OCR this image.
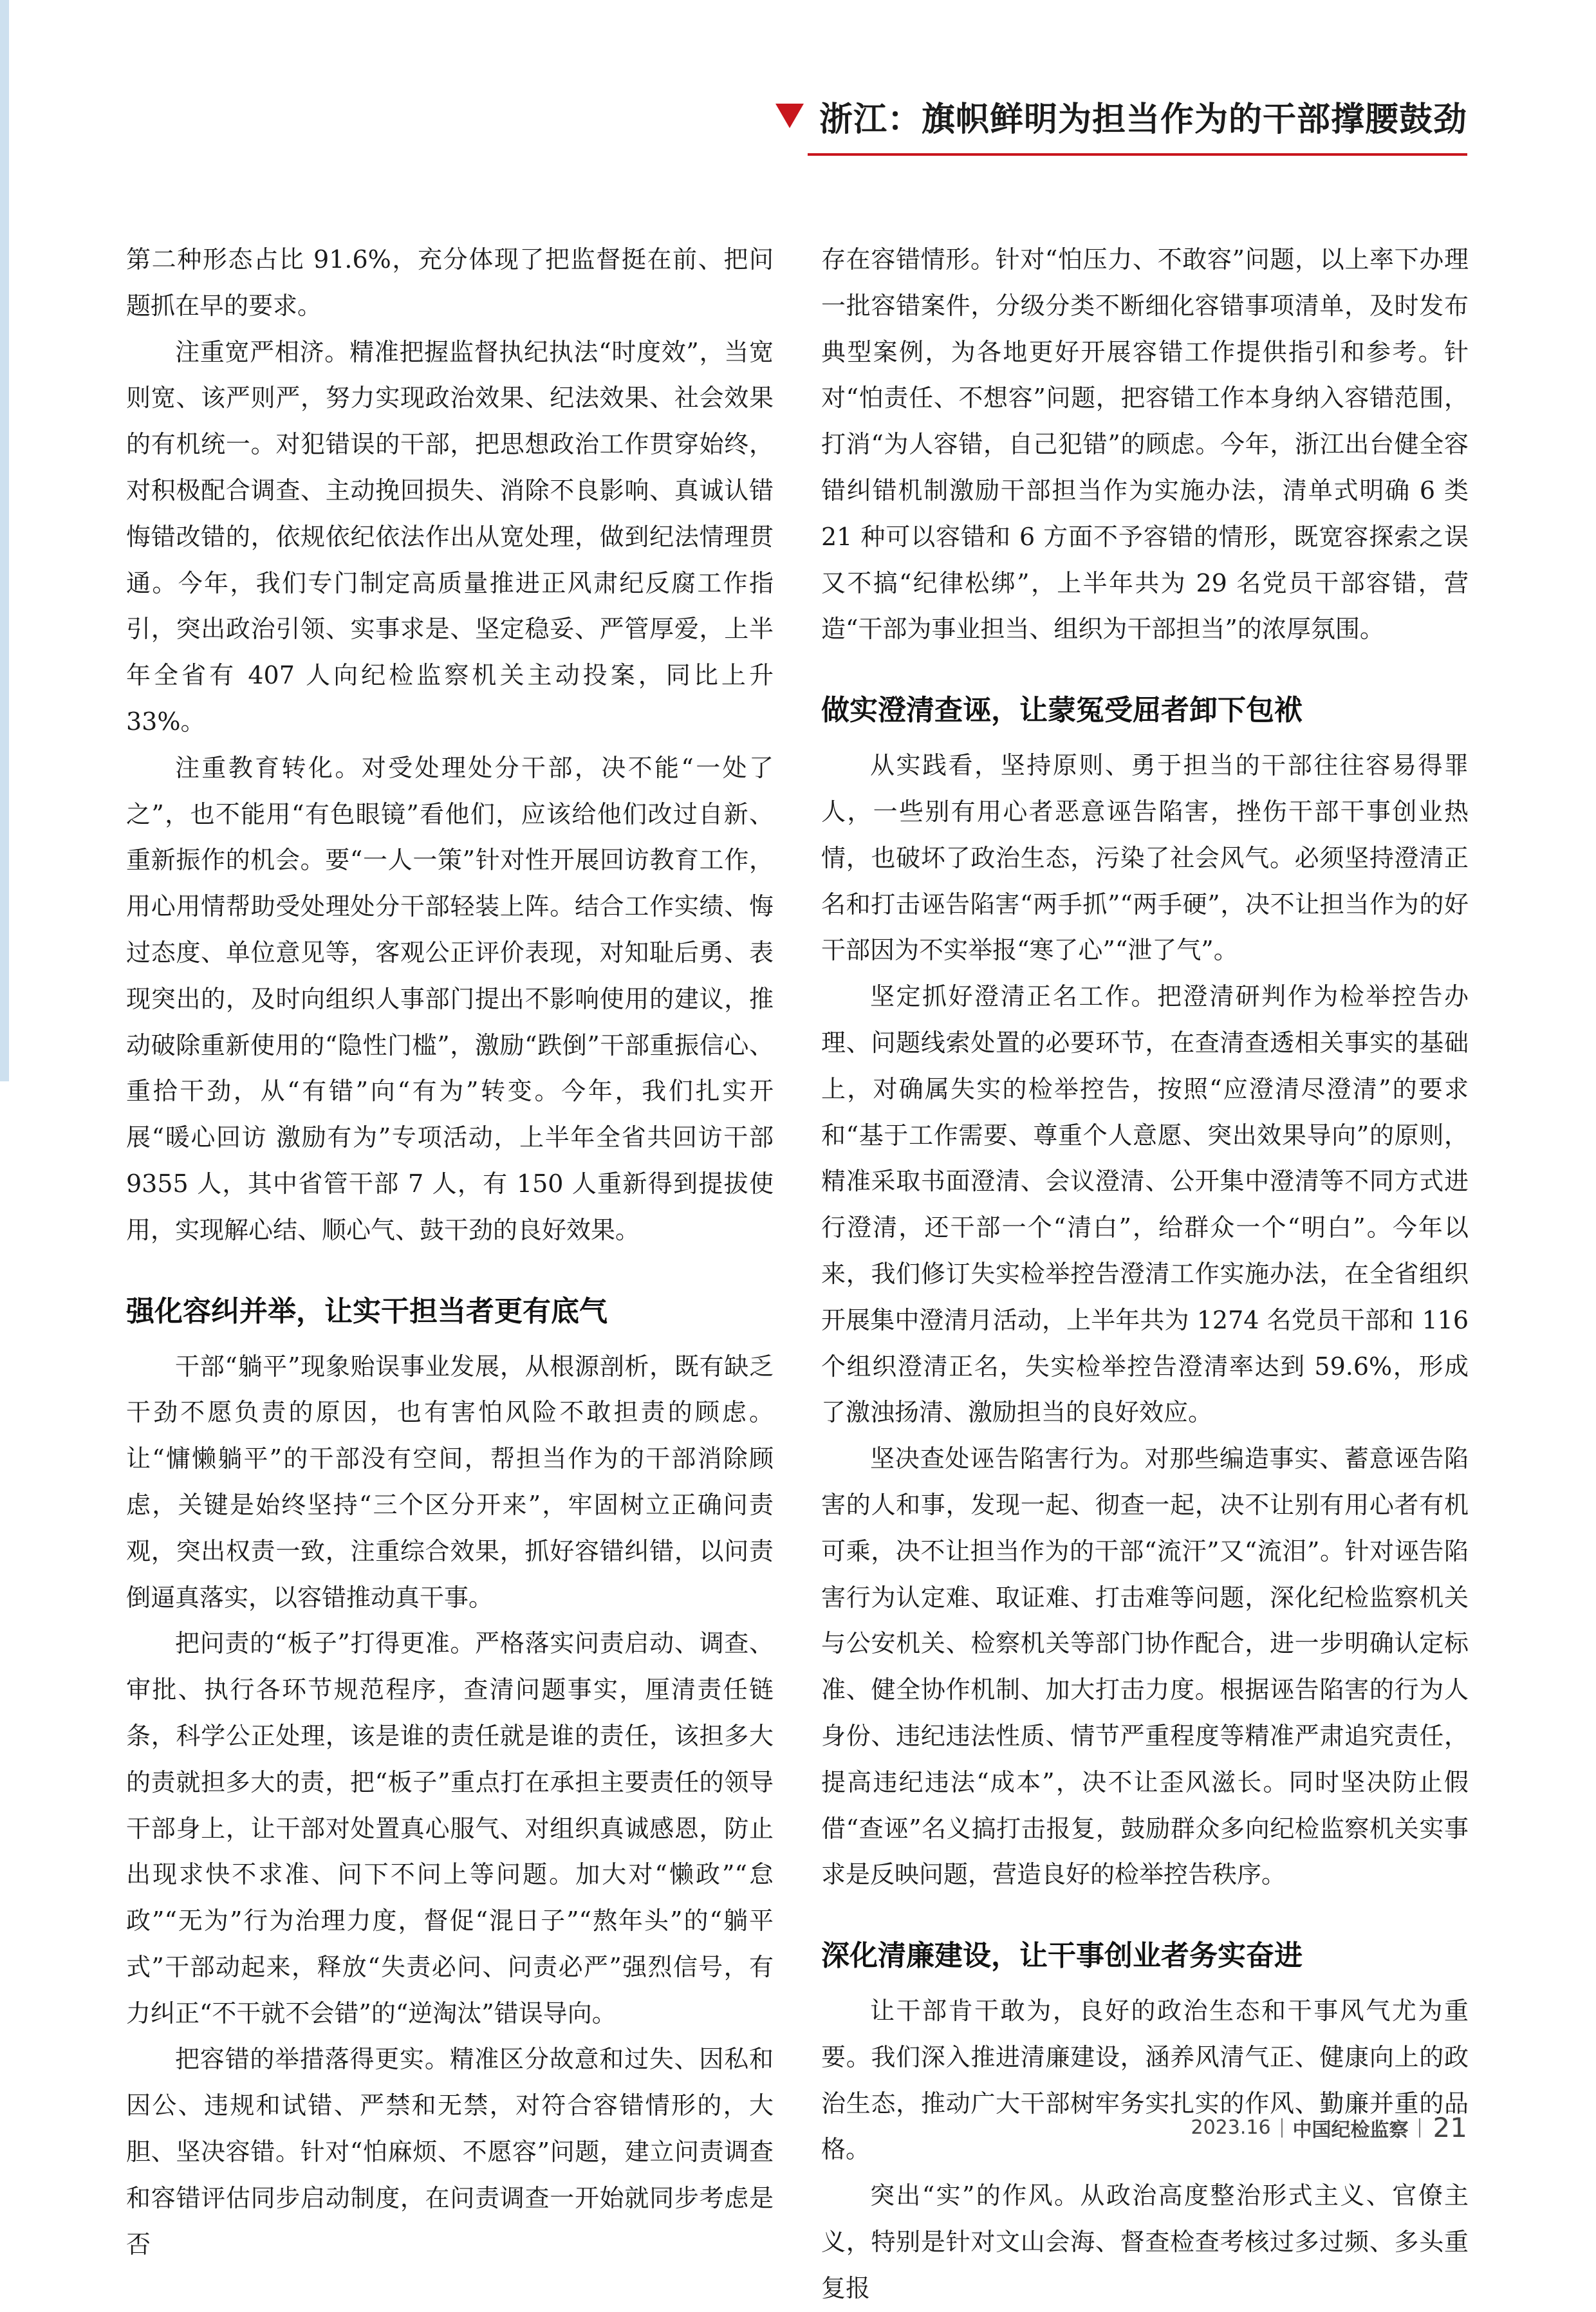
浙江：旗帜鲜明为担当作为的干部撑腰鼓劲

第二种形态占比 91.6%，充分体现了把监督挺在前、把问题抓在早的要求。

注重宽严相济。精准把握监督执纪执法“时度效”，当宽则宽、该严则严，努力实现政治效果、纪法效果、社会效果的有机统一。对犯错误的干部，把思想政治工作贯穿始终，对积极配合调查、主动挽回损失、消除不良影响、真诚认错悔错改错的，依规依纪依法作出从宽处理，做到纪法情理贯通。今年，我们专门制定高质量推进正风肃纪反腐工作指引，突出政治引领、实事求是、坚定稳妥、严管厚爱，上半年全省有 407 人向纪检监察机关主动投案，同比上升 33%。

注重教育转化。对受处理处分干部，决不能“一处了之”，也不能用“有色眼镜”看他们，应该给他们改过自新、重新振作的机会。要“一人一策”针对性开展回访教育工作，用心用情帮助受处理处分干部轻装上阵。结合工作实绩、悔过态度、单位意见等，客观公正评价表现，对知耻后勇、表现突出的，及时向组织人事部门提出不影响使用的建议，推动破除重新使用的“隐性门槛”，激励“跌倒”干部重振信心、重拾干劲，从“有错”向“有为”转变。今年，我们扎实开展“暖心回访 激励有为”专项活动，上半年全省共回访干部 9355 人，其中省管干部 7 人，有 150 人重新得到提拔使用，实现解心结、顺心气、鼓干劲的良好效果。

强化容纠并举，让实干担当者更有底气

干部“躺平”现象贻误事业发展，从根源剖析，既有缺乏干劲不愿负责的原因，也有害怕风险不敢担责的顾虑。让“慵懒躺平”的干部没有空间，帮担当作为的干部消除顾虑，关键是始终坚持“三个区分开来”，牢固树立正确问责观，突出权责一致，注重综合效果，抓好容错纠错，以问责倒逼真落实，以容错推动真干事。

把问责的“板子”打得更准。严格落实问责启动、调查、审批、执行各环节规范程序，查清问题事实，厘清责任链条，科学公正处理，该是谁的责任就是谁的责任，该担多大的责就担多大的责，把“板子”重点打在承担主要责任的领导干部身上，让干部对处置真心服气、对组织真诚感恩，防止出现求快不求准、问下不问上等问题。加大对“懒政”“怠政”“无为”行为治理力度，督促“混日子”“熬年头”的“躺平式”干部动起来，释放“失责必问、问责必严”强烈信号，有力纠正“不干就不会错”的“逆淘汰”错误导向。

把容错的举措落得更实。精准区分故意和过失、因私和因公、违规和试错、严禁和无禁，对符合容错情形的，大胆、坚决容错。针对“怕麻烦、不愿容”问题，建立问责调查和容错评估同步启动制度，在问责调查一开始就同步考虑是否

存在容错情形。针对“怕压力、不敢容”问题，以上率下办理一批容错案件，分级分类不断细化容错事项清单，及时发布典型案例，为各地更好开展容错工作提供指引和参考。针对“怕责任、不想容”问题，把容错工作本身纳入容错范围，打消“为人容错，自己犯错”的顾虑。今年，浙江出台健全容错纠错机制激励干部担当作为实施办法，清单式明确 6 类 21 种可以容错和 6 方面不予容错的情形，既宽容探索之误又不搞“纪律松绑”，上半年共为 29 名党员干部容错，营造“干部为事业担当、组织为干部担当”的浓厚氛围。

做实澄清查诬，让蒙冤受屈者卸下包袱

从实践看，坚持原则、勇于担当的干部往往容易得罪人，一些别有用心者恶意诬告陷害，挫伤干部干事创业热情，也破坏了政治生态，污染了社会风气。必须坚持澄清正名和打击诬告陷害“两手抓”“两手硬”，决不让担当作为的好干部因为不实举报“寒了心”“泄了气”。

坚定抓好澄清正名工作。把澄清研判作为检举控告办理、问题线索处置的必要环节，在查清查透相关事实的基础上，对确属失实的检举控告，按照“应澄清尽澄清”的要求和“基于工作需要、尊重个人意愿、突出效果导向”的原则，精准采取书面澄清、会议澄清、公开集中澄清等不同方式进行澄清，还干部一个“清白”，给群众一个“明白”。今年以来，我们修订失实检举控告澄清工作实施办法，在全省组织开展集中澄清月活动，上半年共为 1274 名党员干部和 116 个组织澄清正名，失实检举控告澄清率达到 59.6%，形成了激浊扬清、激励担当的良好效应。

坚决查处诬告陷害行为。对那些编造事实、蓄意诬告陷害的人和事，发现一起、彻查一起，决不让别有用心者有机可乘，决不让担当作为的干部“流汗”又“流泪”。针对诬告陷害行为认定难、取证难、打击难等问题，深化纪检监察机关与公安机关、检察机关等部门协作配合，进一步明确认定标准、健全协作机制、加大打击力度。根据诬告陷害的行为人身份、违纪违法性质、情节严重程度等精准严肃追究责任，提高违纪违法“成本”，决不让歪风滋长。同时坚决防止假借“查诬”名义搞打击报复，鼓励群众多向纪检监察机关实事求是反映问题，营造良好的检举控告秩序。

深化清廉建设，让干事创业者务实奋进

让干部肯干敢为，良好的政治生态和干事风气尤为重要。我们深入推进清廉建设，涵养风清气正、健康向上的政治生态，推动广大干部树牢务实扎实的作风、勤廉并重的品格。

突出“实”的作风。从政治高度整治形式主义、官僚主义，特别是针对文山会海、督查检查考核过多过频、多头重复报

2023.16 中国纪检监察 21
